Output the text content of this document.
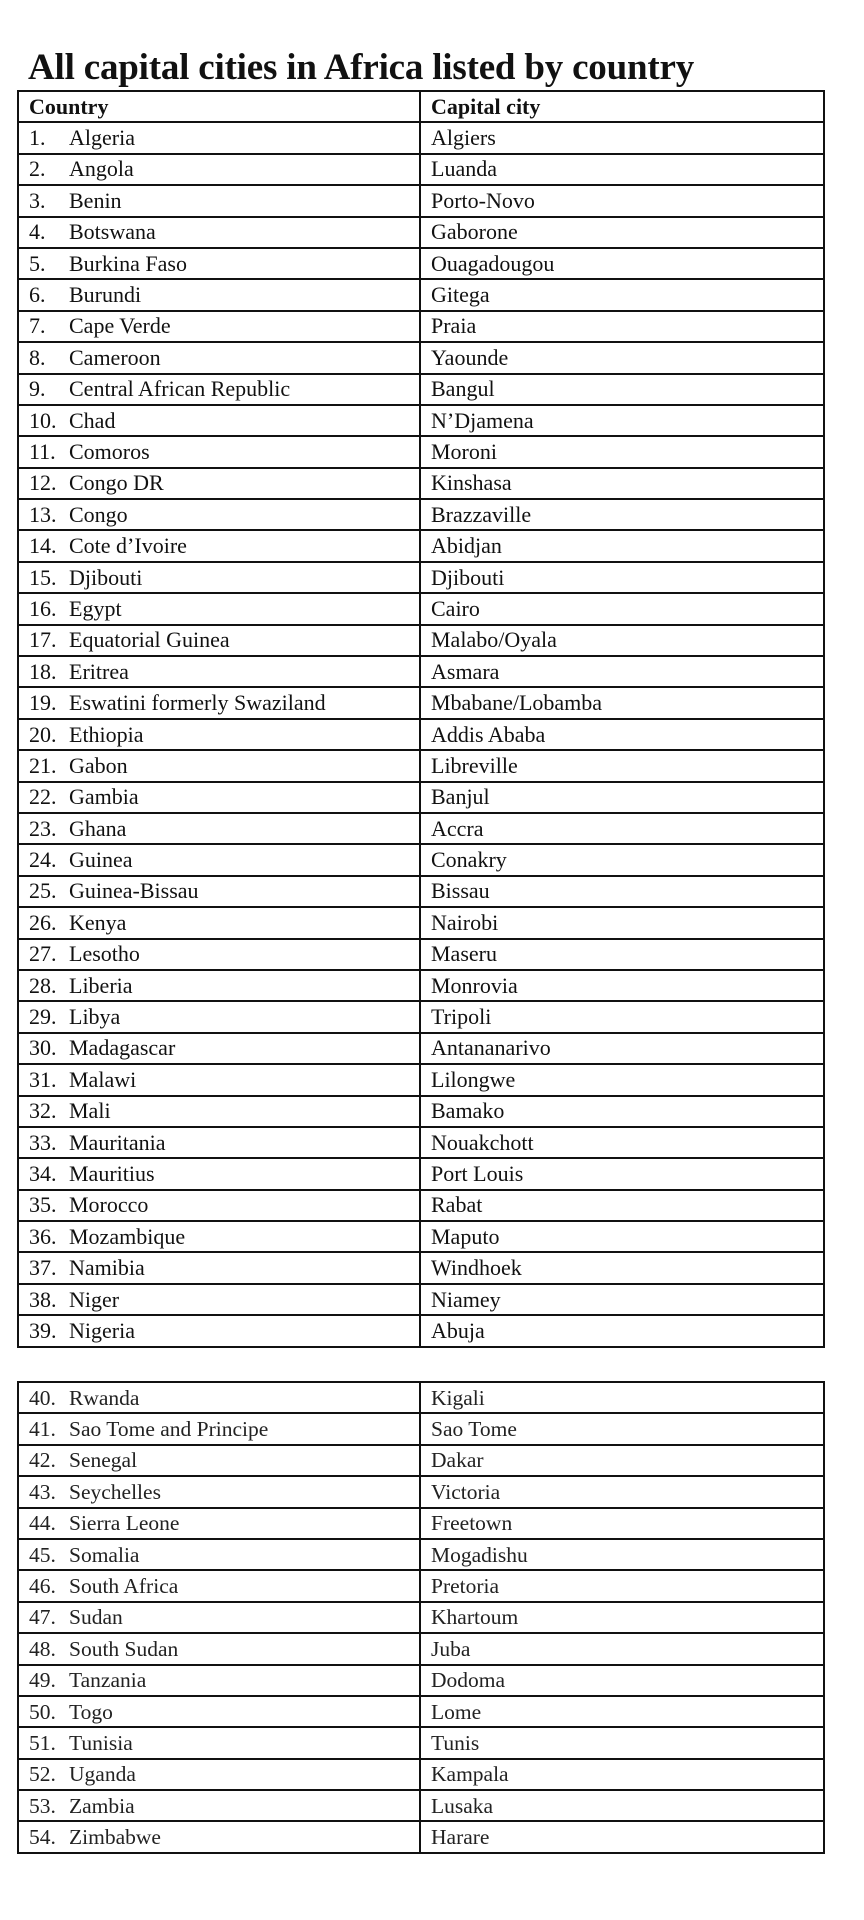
All capital cities in Africa listed by country
Country	Capital city
1. Algeria	Algiers
2. Angola	Luanda
3. Benin	Porto-Novo
4. Botswana	Gaborone
5. Burkina Faso	Ouagadougou
6. Burundi	Gitega
7. Cape Verde	Praia
8. Cameroon	Yaounde
9. Central African Republic	Bangul
10. Chad	N’Djamena
11. Comoros	Moroni
12. Congo DR	Kinshasa
13. Congo	Brazzaville
14. Cote d’Ivoire	Abidjan
15. Djibouti	Djibouti
16. Egypt	Cairo
17. Equatorial Guinea	Malabo/Oyala
18. Eritrea	Asmara
19. Eswatini formerly Swaziland	Mbabane/Lobamba
20. Ethiopia	Addis Ababa
21. Gabon	Libreville
22. Gambia	Banjul
23. Ghana	Accra
24. Guinea	Conakry
25. Guinea-Bissau	Bissau
26. Kenya	Nairobi
27. Lesotho	Maseru
28. Liberia	Monrovia
29. Libya	Tripoli
30. Madagascar	Antananarivo
31. Malawi	Lilongwe
32. Mali	Bamako
33. Mauritania	Nouakchott
34. Mauritius	Port Louis
35. Morocco	Rabat
36. Mozambique	Maputo
37. Namibia	Windhoek
38. Niger	Niamey
39. Nigeria	Abuja
40. Rwanda	Kigali
41. Sao Tome and Principe	Sao Tome
42. Senegal	Dakar
43. Seychelles	Victoria
44. Sierra Leone	Freetown
45. Somalia	Mogadishu
46. South Africa	Pretoria
47. Sudan	Khartoum
48. South Sudan	Juba
49. Tanzania	Dodoma
50. Togo	Lome
51. Tunisia	Tunis
52. Uganda	Kampala
53. Zambia	Lusaka
54. Zimbabwe	Harare
